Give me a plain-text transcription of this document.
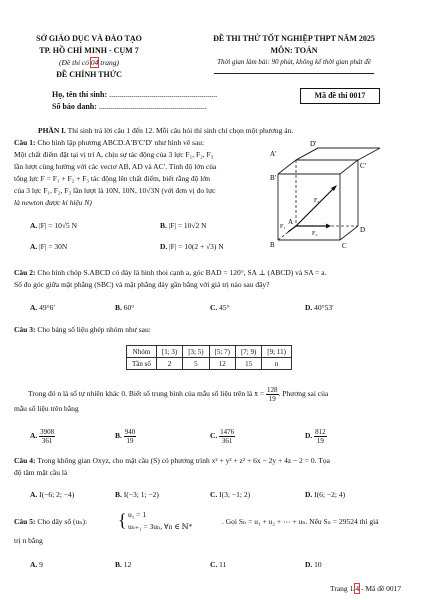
SỞ GIÁO DỤC VÀ ĐÀO TẠO
TP. HỒ CHÍ MINH - CỤM 7
(Đề thi có 04 trang)
ĐỀ CHÍNH THỨC
ĐỀ THI THỬ TỐT NGHIỆP THPT NĂM 2025
MÔN: TOÁN
Thời gian làm bài: 90 phút, không kể thời gian phát đề
Họ, tên thí sinh: ......................................................
Số báo danh: ......................................................
Mã đề thi 0017
PHẦN I. Thí sinh trả lời câu 1 đến 12. Mỗi câu hỏi thí sinh chỉ chọn một phương án.
Câu 1: Cho hình lập phương ABCD.A′B′C′D′ như hình vẽ sau:
Một chất điểm đặt tại vị trí A, chịu sự tác động của 3 lực F₁, F₂, F₃
lần lượt cùng hướng với các vectơ AB, AD và AC′. Tính độ lớn của
tổng lực F = F₁ + F₂ + F₃ tác động lên chất điểm, biết rằng độ lớn
của 3 lực F₁, F₂, F₃ lần lượt là 10N, 10N, 10√3N (với đơn vị đo lực
là newton được kí hiệu N)
A′
D′
B′
C′
A
B	C
D
F₁
F₂
F₃
A. |F| = 10√5 N	B. |F| = 10√2 N
A. |F| = 30N	D. |F| = 10(2 + √3) N
Câu 2: Cho hình chóp S.ABCD có đáy là hình thoi cạnh a, góc BAD = 120°, SA ⊥ (ABCD) và SA = a.
Số đo góc giữa mặt phẳng (SBC) và mặt phẳng đáy gần bằng với giá trị nào sau đây?
A. 49°6′	B. 60°	C. 45°	D. 40°53′
Câu 3: Cho bảng số liệu ghép nhóm như sau:
Nhóm	[1; 3)	[3; 5)	[5; 7)	[7; 9)	[9; 11)
Tần số	2	5	12	15	n
Trong đó n là số tự nhiên khác 0. Biết số trung bình của mẫu số liệu trên là x̄ = $\frac{128}{19}$ . Phương sai của
mẫu số liệu trên bằng
A. $\frac{3908}{361}$	B. $\frac{940}{19}$	C. $\frac{1476}{361}$	D. $\frac{812}{19}$
Câu 4: Trong không gian Oxyz, cho mặt cầu (S) có phương trình x² + y² + z² + 6x − 2y + 4z − 2 = 0. Tọa
độ tâm mặt cầu là
A. I(−6; 2; −4)	B. I(−3; 1; −2)	C. I(3; −1; 2)	D. I(6; −2; 4)
Câu 5: Cho dãy số (uₙ): { u₁ = 1
uₙ₊₁ = 3uₙ, ∀n ∈ ℕ*
. Gọi Sₙ = u₁ + u₂ + ⋯ + uₙ. Nếu Sₙ = 29524 thì giá
trị n bằng
A. 9	B. 12	C. 11	D. 10
Trang 1/4 - Mã đề 0017
